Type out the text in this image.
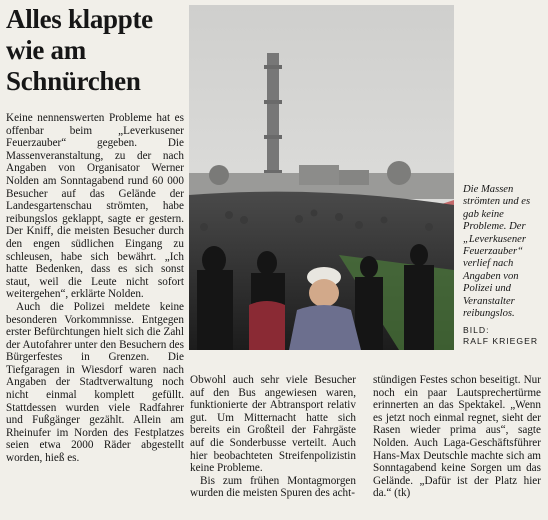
Alles klappte
wie am
Schnürchen

Keine nennenswerten Probleme hat es offenbar beim „Leverkusener Feuerzauber“ gegeben. Die Massenveranstaltung, zu der nach Angaben von Organisator Werner Nolden am Sonntagabend rund 60 000 Besucher auf das Gelände der Landesgartenschau strömten, habe reibungslos geklappt, sagte er gestern. Der Kniff, die meisten Besucher durch den engen südlichen Eingang zu schleusen, habe sich bewährt. „Ich hatte Bedenken, dass es sich sonst staut, weil die Leute nicht sofort weitergehen“, erklärte Nolden.

Auch die Polizei meldete keine besonderen Vorkommnisse. Entgegen erster Befürchtungen hielt sich die Zahl der Autofahrer unter den Besuchern des Bürgerfestes in Grenzen. Die Tiefgaragen in Wiesdorf waren nach Angaben der Stadtverwaltung noch nicht einmal komplett gefüllt. Stattdessen wurden viele Radfahrer und Fußgänger gezählt. Allein am Rheinufer im Norden des Festplatzes seien etwa 2000 Räder abgestellt worden, hieß es.

Die Massen strömten und es gab keine Probleme. Der „Leverkusener Feuerzauber“ verlief nach Angaben von Polizei und Veranstalter reibungslos.

BILD:
RALF KRIEGER

Obwohl auch sehr viele Besucher auf den Bus angewiesen waren, funktionierte der Abtransport relativ gut. Um Mitternacht hatte sich bereits ein Großteil der Fahrgäste auf die Sonderbusse verteilt. Auch hier beobachteten Streifenpolizistin keine Probleme.

Bis zum frühen Montagmorgen wurden die meisten Spuren des acht-

stündigen Festes schon beseitigt. Nur noch ein paar Lautsprechertürme erinnerten an das Spektakel. „Wenn es jetzt noch einmal regnet, sieht der Rasen wieder prima aus“, sagte Nolden. Auch Laga-Geschäftsführer Hans-Max Deutschle machte sich am Sonntagabend keine Sorgen um das Gelände. „Dafür ist der Platz hier da.“ (tk)
